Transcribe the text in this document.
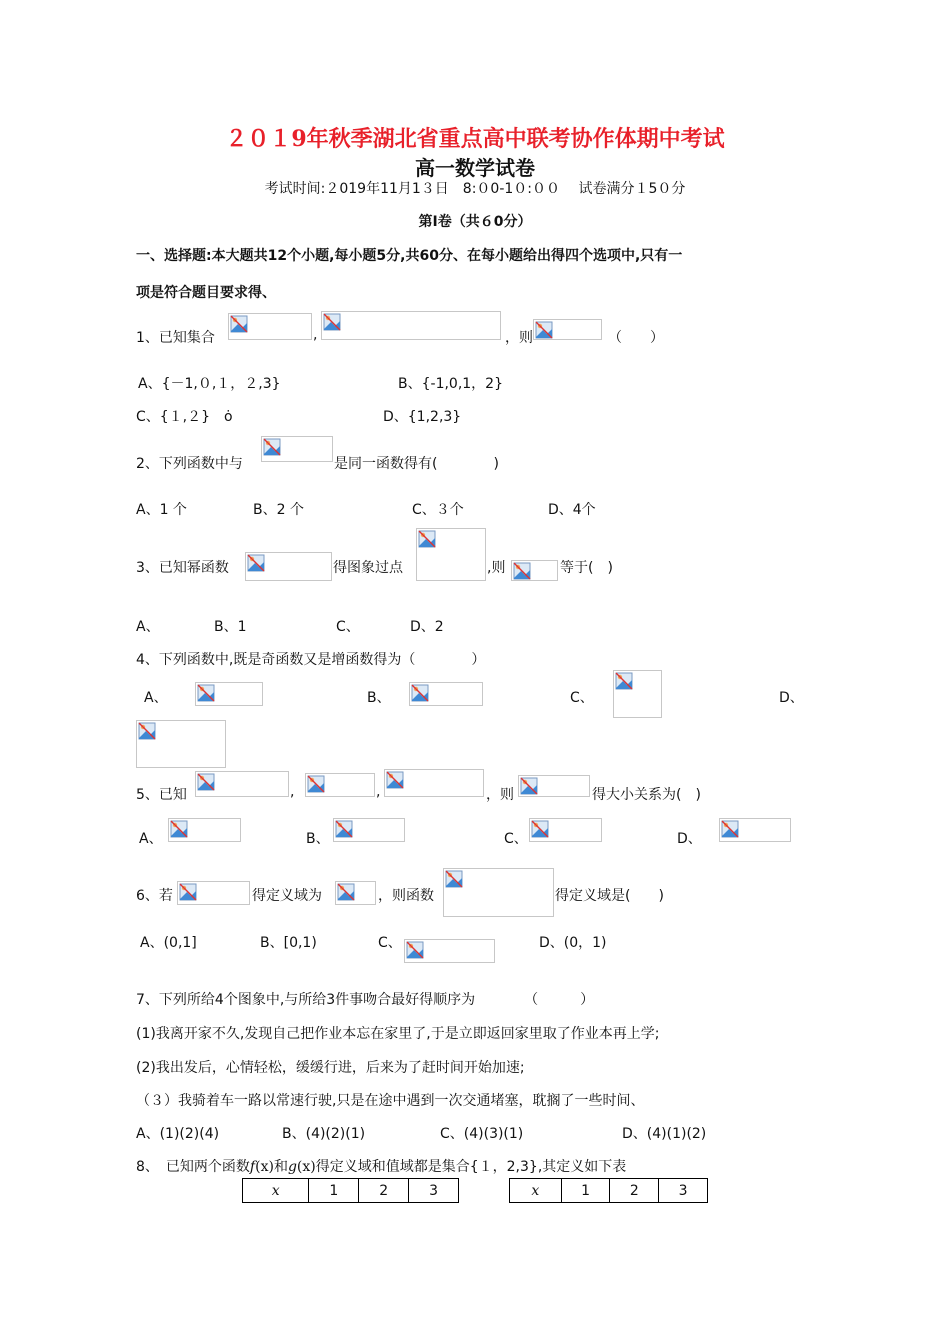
２０１9年秋季湖北省重点高中联考协作体期中考试
高一数学试卷
考试时间:２019年11月1３日　8:０0-1０:００　 试卷满分１5０分
第Ⅰ卷（共６0分）
一、选择题:本大题共12个小题,每小题5分,共60分、在每小题给出得四个选项中,只有一
项是符合题目要求得、
1、已知集合	,	，则	（　　）
A、{－1,０,１，２,3}	B、{-1,0,1，2}
C、{１,２}　ȯ	D、{1,2,3}
2、下列函数中与	是同一函数得有(　　　　)
A、1 个	B、2 个	C、３个	D、4个
3、已知幂函数	得图象过点	,则	等于(　)
A、	B、1	C、	D、2
4、下列函数中,既是奇函数又是增函数得为（　　　　）
A、	B、	C、	D、
5、已知	,	,	，则	得大小关系为(　)
A、	B、	C、	D、
6、若	得定义域为	，则函数	得定义域是(　　)
A、(0,1]	B、[0,1)	C、	D、(0，1)
7、下列所给4个图象中,与所给3件事吻合最好得顺序为　　　　（　　　）
(1)我离开家不久,发现自己把作业本忘在家里了,于是立即返回家里取了作业本再上学;
(2)我出发后，心情轻松，缓缓行进，后来为了赶时间开始加速;
（３）我骑着车一路以常速行驶,只是在途中遇到一次交通堵塞，耽搁了一些时间、
A、(1)(2)(4)	B、(4)(2)(1)	C、(4)(3)(1)	D、(4)(1)(2)
8、　已知两个函数f(x)和g(x)得定义域和值域都是集合{１，2,3},其定义如下表
x	1	2	3	x	1	2	3
